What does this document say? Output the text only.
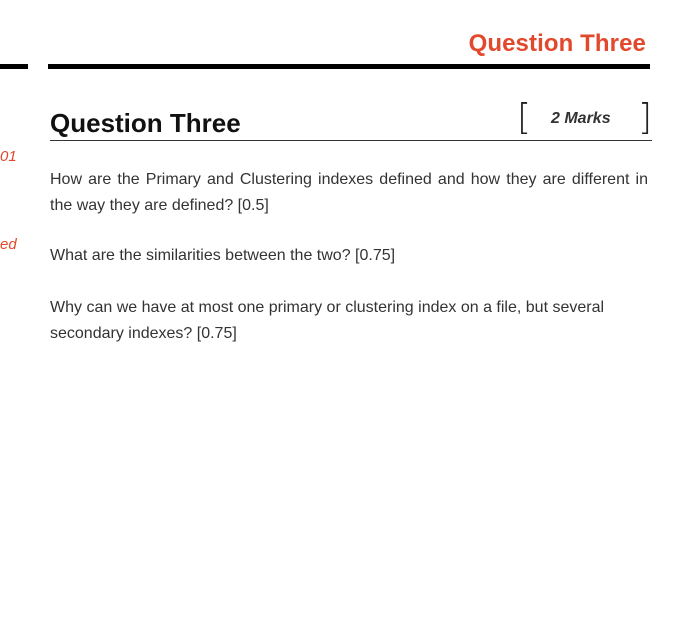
Question Three
01
ed
Question Three	[ 2 Marks ]
How are the Primary and Clustering indexes defined and how they are different in the way they are defined? [0.5]
What are the similarities between the two? [0.75]
Why can we have at most one primary or clustering index on a file, but several secondary indexes? [0.75]
